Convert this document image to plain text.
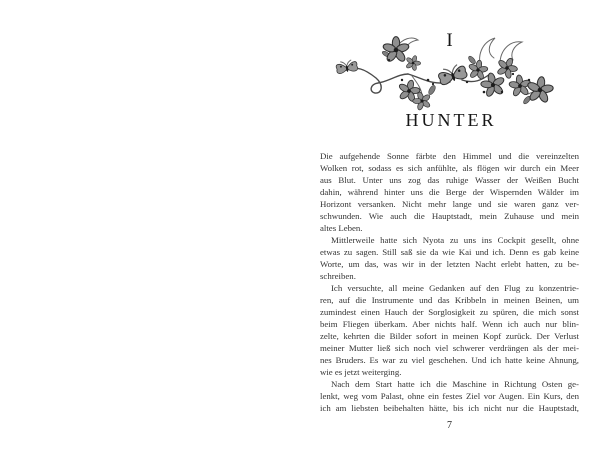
I
HUNTER
Die aufgehende Sonne färbte den Himmel und die vereinzelten
Wolken rot, sodass es sich anfühlte, als flögen wir durch ein Meer
aus Blut. Unter uns zog das ruhige Wasser der Weißen Bucht
dahin, während hinter uns die Berge der Wispernden Wälder im
Horizont versanken. Nicht mehr lange und sie waren ganz ver-
schwunden. Wie auch die Hauptstadt, mein Zuhause und mein
altes Leben.
Mittlerweile hatte sich Nyota zu uns ins Cockpit gesellt, ohne
etwas zu sagen. Still saß sie da wie Kai und ich. Denn es gab keine
Worte, um das, was wir in der letzten Nacht erlebt hatten, zu be-
schreiben.
Ich versuchte, all meine Gedanken auf den Flug zu konzentrie-
ren, auf die Instrumente und das Kribbeln in meinen Beinen, um
zumindest einen Hauch der Sorglosigkeit zu spüren, die mich sonst
beim Fliegen überkam. Aber nichts half. Wenn ich auch nur blin-
zelte, kehrten die Bilder sofort in meinen Kopf zurück. Der Verlust
meiner Mutter ließ sich noch viel schwerer verdrängen als der mei-
nes Bruders. Es war zu viel geschehen. Und ich hatte keine Ahnung,
wie es jetzt weiterging.
Nach dem Start hatte ich die Maschine in Richtung Osten ge-
lenkt, weg vom Palast, ohne ein festes Ziel vor Augen. Ein Kurs, den
ich am liebsten beibehalten hätte, bis ich nicht nur die Hauptstadt,
7
